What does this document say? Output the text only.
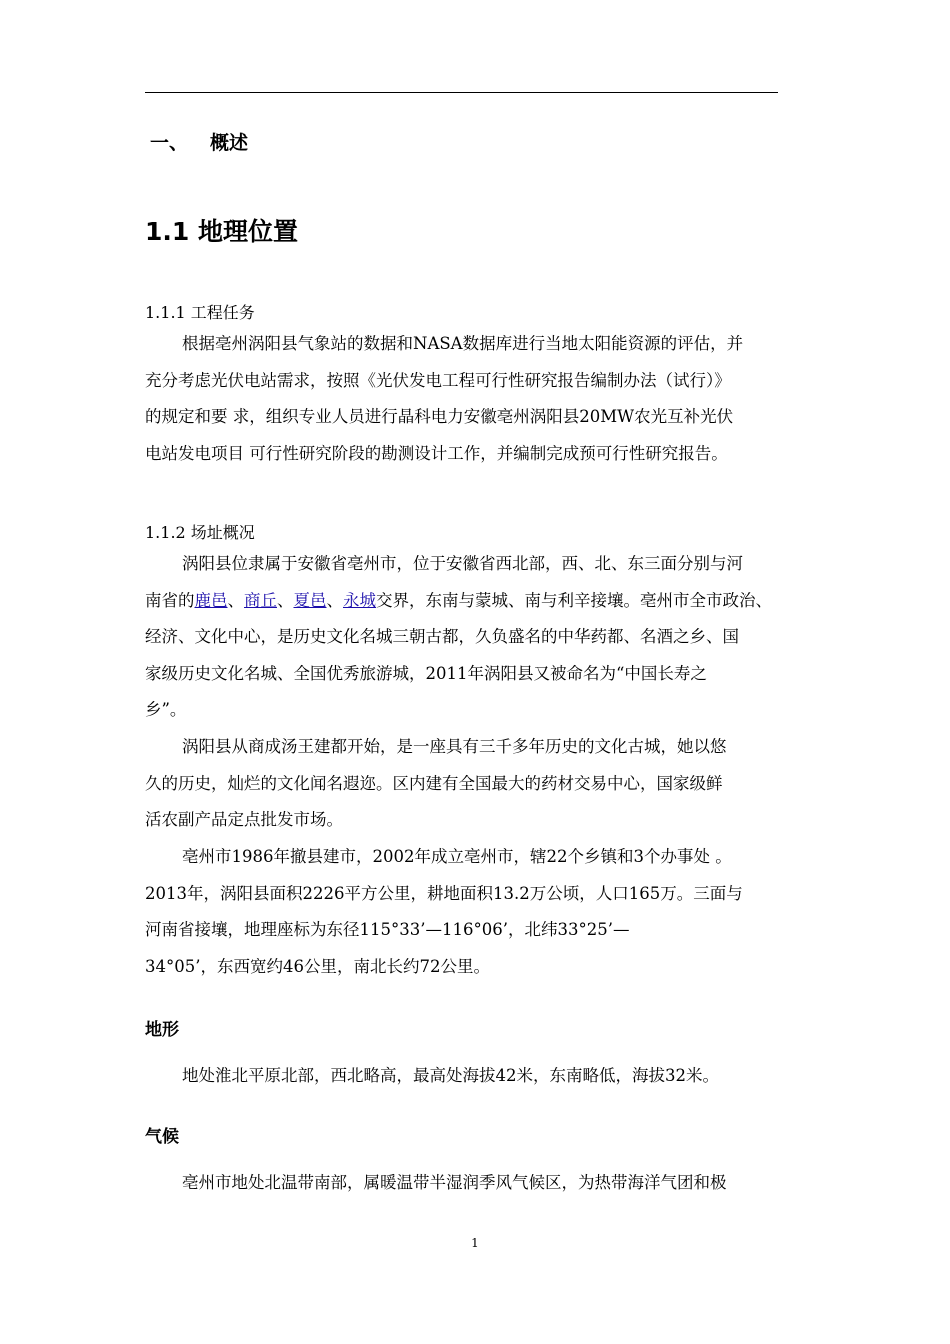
一、 概述
1.1 地理位置
1.1.1 工程任务
根据亳州涡阳县气象站的数据和NASA数据库进行当地太阳能资源的评估，并
充分考虑光伏电站需求，按照《光伏发电工程可行性研究报告编制办法（试行）》
的规定和要 求，组织专业人员进行晶科电力安徽亳州涡阳县20MW农光互补光伏
电站发电项目 可行性研究阶段的勘测设计工作，并编制完成预可行性研究报告。
1.1.2 场址概况
涡阳县位隶属于安徽省亳州市，位于安徽省西北部，西、北、东三面分别与河
南省的鹿邑、商丘、夏邑、永城交界，东南与蒙城、南与利辛接壤。亳州市全市政治、
经济、文化中心，是历史文化名城三朝古都，久负盛名的中华药都、名酒之乡、国
家级历史文化名城、全国优秀旅游城，2011年涡阳县又被命名为“中国长寿之
乡”。
涡阳县从商成汤王建都开始，是一座具有三千多年历史的文化古城，她以悠
久的历史，灿烂的文化闻名遐迩。区内建有全国最大的药材交易中心，国家级鲜
活农副产品定点批发市场。
亳州市1986年撤县建市，2002年成立亳州市，辖22个乡镇和3个办事处 。
2013年，涡阳县面积2226平方公里，耕地面积13.2万公顷，人口165万。三面与
河南省接壤，地理座标为东径115°33’—116°06’，北纬33°25’—
34°05’，东西宽约46公里，南北长约72公里。
地形
地处淮北平原北部，西北略高，最高处海拔42米，东南略低，海拔32米。
气候
亳州市地处北温带南部，属暖温带半湿润季风气候区，为热带海洋气团和极
1
